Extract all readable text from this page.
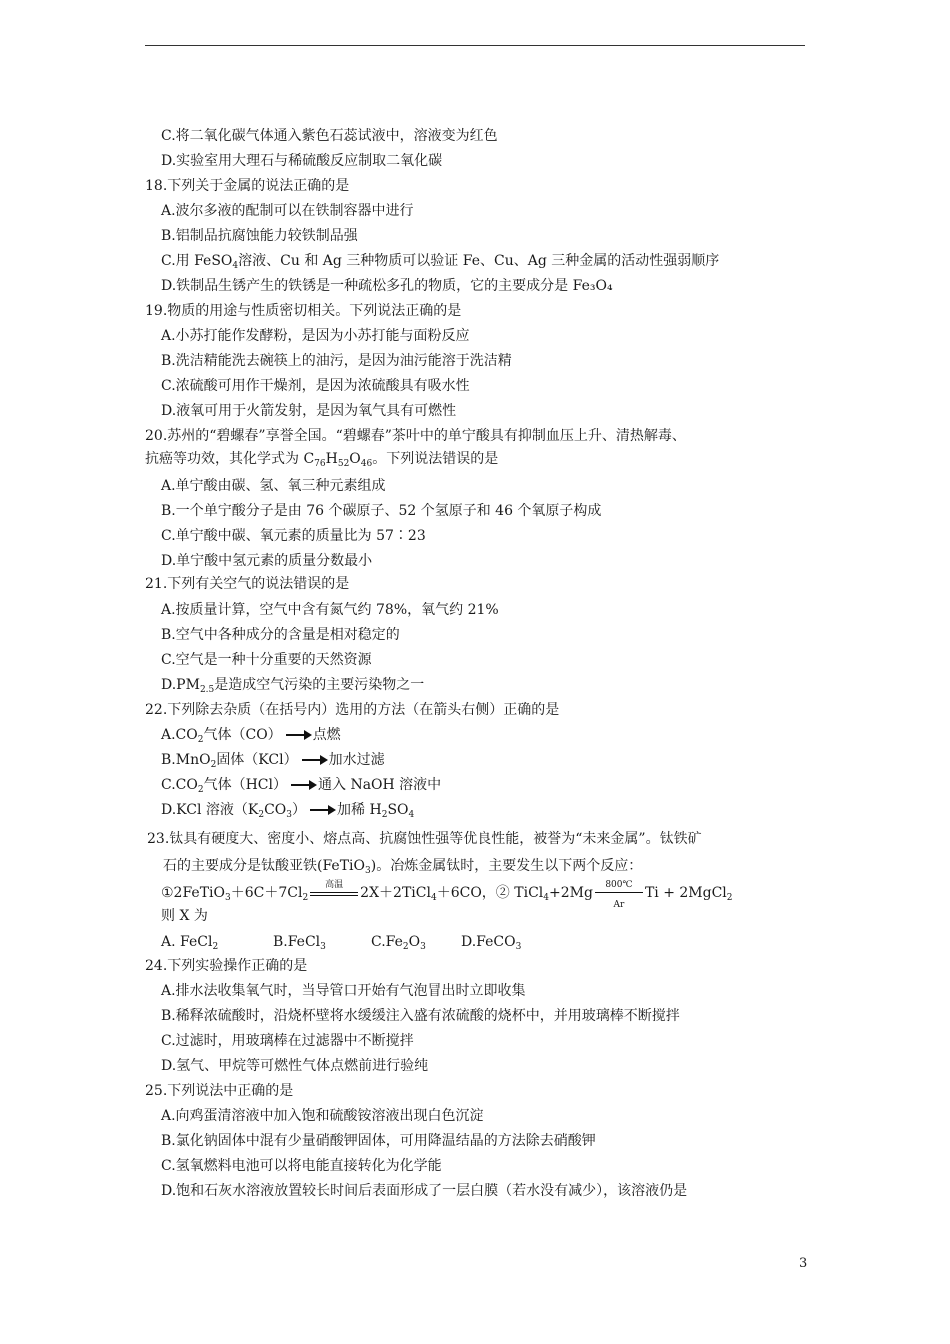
C.将二氧化碳气体通入紫色石蕊试液中，溶液变为红色
D.实验室用大理石与稀硫酸反应制取二氧化碳
18.下列关于金属的说法正确的是
A.波尔多液的配制可以在铁制容器中进行
B.铝制品抗腐蚀能力较铁制品强
C.用 FeSO$_4$溶液、Cu 和 Ag 三种物质可以验证 Fe、Cu、Ag 三种金属的活动性强弱顺序
D.铁制品生锈产生的铁锈是一种疏松多孔的物质，它的主要成分是 Fe₃O₄
19.物质的用途与性质密切相关。下列说法正确的是
A.小苏打能作发酵粉，是因为小苏打能与面粉反应
B.洗洁精能洗去碗筷上的油污，是因为油污能溶于洗洁精
C.浓硫酸可用作干燥剂，是因为浓硫酸具有吸水性
D.液氧可用于火箭发射，是因为氧气具有可燃性
20.苏州的“碧螺春”享誉全国。“碧螺春”茶叶中的单宁酸具有抑制血压上升、清热解毒、
抗癌等功效，其化学式为 $C_{76}H_{52}O_{46}$。下列说法错误的是
A.单宁酸由碳、氢、氧三种元素组成
B.一个单宁酸分子是由 76 个碳原子、52 个氢原子和 46 个氧原子构成
C.单宁酸中碳、氧元素的质量比为 57∶23
D.单宁酸中氢元素的质量分数最小
21.下列有关空气的说法错误的是
A.按质量计算，空气中含有氮气约 78%，氧气约 21%
B.空气中各种成分的含量是相对稳定的
C.空气是一种十分重要的天然资源
$D.PM_{2.5}$是造成空气污染的主要污染物之一
22.下列除去杂质（在括号内）选用的方法（在箭头右侧）正确的是
$A.CO_2$气体（CO） 点燃
B.MnO$_2$固体（KCl） 加水过滤
$C.CO_2$气体（HCl） 通入 NaOH 溶液中
D.KCl 溶液$(K_2CO_3)$ 加稀 $H_2SO_4$
23.钛具有硬度大、密度小、熔点高、抗腐蚀性强等优良性能，被誉为“未来金属”。钛铁矿
石的主要成分是钛酸亚铁(FeTiO$_3$)。冶炼金属钛时，主要发生以下两个反应：
$①2FeTiO_3+6C+7Cl_2$
高温	2X＋2TiCl$_4$＋6CO，② TiCl$_4$+2Mg $\frac{800℃}{Ar}$ Ti + 2MgCl$_2$
则 X 为
A. FeCl2	B.FeCl3	C.Fe2O3	D.FeCO3
24.下列实验操作正确的是
A.排水法收集氧气时，当导管口开始有气泡冒出时立即收集
B.稀释浓硫酸时，沿烧杯壁将水缓缓注入盛有浓硫酸的烧杯中，并用玻璃棒不断搅拌
C.过滤时，用玻璃棒在过滤器中不断搅拌
D.氢气、甲烷等可燃性气体点燃前进行验纯
25.下列说法中正确的是
A.向鸡蛋清溶液中加入饱和硫酸铵溶液出现白色沉淀
B.氯化钠固体中混有少量硝酸钾固体，可用降温结晶的方法除去硝酸钾
C.氢氧燃料电池可以将电能直接转化为化学能
D.饱和石灰水溶液放置较长时间后表面形成了一层白膜（若水没有减少），该溶液仍是
3
